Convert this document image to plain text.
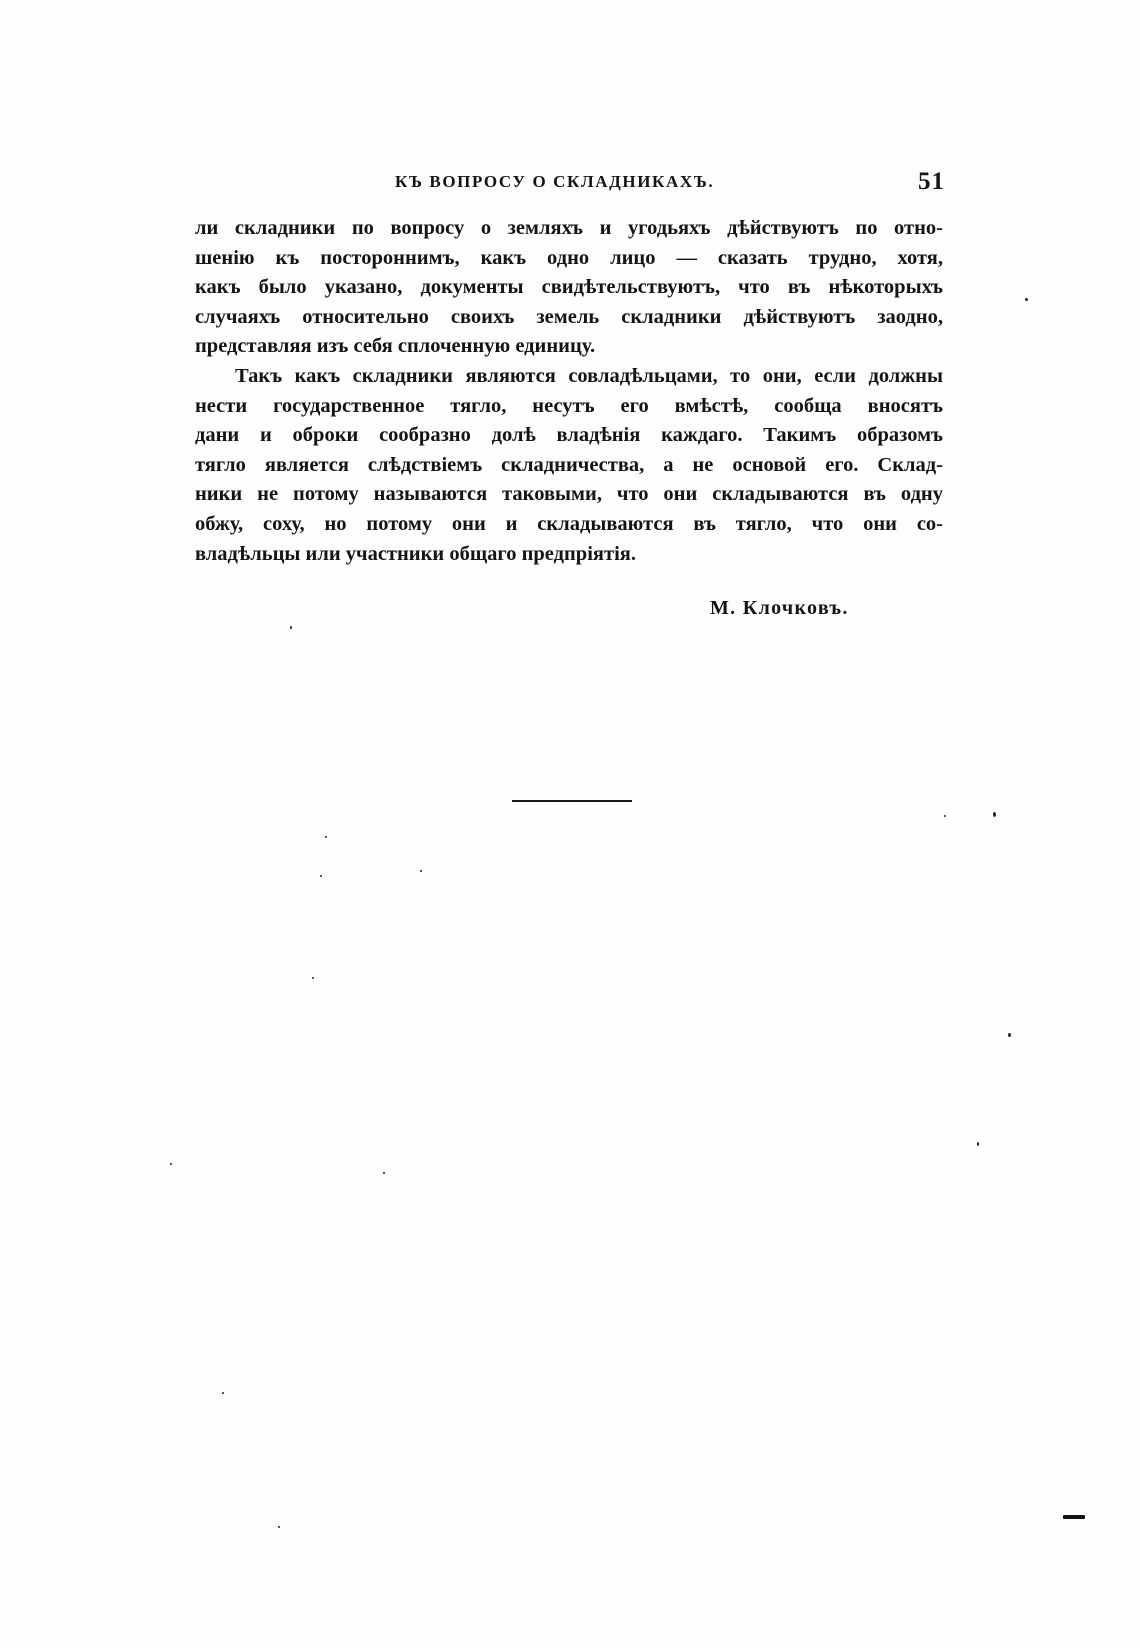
КЪ ВОПРОСУ О СКЛАДНИКАХЪ.	51

ли складники по вопросу о земляхъ и угодьяхъ дѣйствуютъ по отно-

шенію къ постороннимъ, какъ одно лицо — сказать трудно, хотя,

какъ было указано, документы свидѣтельствуютъ, что въ нѣкоторыхъ

случаяхъ относительно своихъ земель складники дѣйствуютъ заодно,

представляя изъ себя сплоченную единицу.

Такъ какъ складники являются совладѣльцами, то они, если должны

нести государственное тягло, несутъ его вмѣстѣ, сообща вносятъ

дани и оброки сообразно долѣ владѣнія каждаго. Такимъ образомъ

тягло является слѣдствіемъ складничества, а не основой его. Склад-

ники не потому называются таковыми, что они складываются въ одну

обжу, соху, но потому они и складываются въ тягло, что они со-

владѣльцы или участники общаго предпріятія.

М. Клочковъ.
